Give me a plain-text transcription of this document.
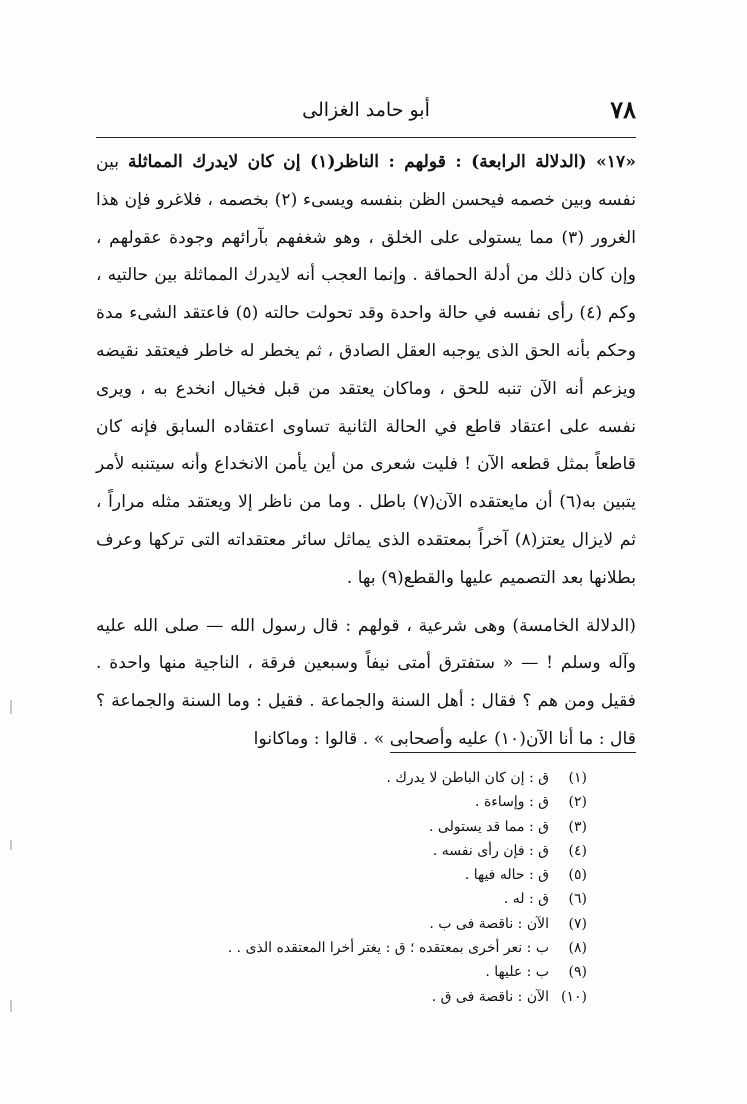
٧٨
أبو حامد الغزالى

«١٧» (الدلالة الرابعة) : قولهم : الناظر(١) إن كان لايدرك المماثلة بين نفسه وبين خصمه فيحسن الظن بنفسه ويسىء (٢) بخصمه ، فلاغرو فإن هذا الغرور (٣) مما يستولى على الخلق ، وهو شغفهم بآرائهم وجودة عقولهم ، وإن كان ذلك من أدلة الحماقة . وإنما العجب أنه لايدرك المماثلة بين حالتيه ، وكم (٤) رأى نفسه في حالة واحدة وقد تحولت حالته (٥) فاعتقد الشىء مدة وحكم بأنه الحق الذى يوجبه العقل الصادق ، ثم يخطر له خاطر فيعتقد نقيضه ويزعم أنه الآن تنبه للحق ، وماكان يعتقد من قبل فخيال انخدع به ، ويرى نفسه على اعتقاد قاطع في الحالة الثانية تساوى اعتقاده السابق فإنه كان قاطعاً بمثل قطعه الآن ! فليت شعرى من أين يأمن الانخداع وأنه سيتنبه لأمر يتبين به(٦) أن مايعتقده الآن(٧) باطل . وما من ناظر إلا ويعتقد مثله مراراً ، ثم لايزال يعتز(٨) آخراً بمعتقده الذى يماثل سائر معتقداته التى تركها وعرف بطلانها بعد التصميم عليها والقطع(٩) بها .

(الدلالة الخامسة) وهى شرعية ، قولهم : قال رسول الله — صلى الله عليه وآله وسلم ! — « ستفترق أمتى نيفاً وسبعين فرقة ، الناجية منها واحدة . فقيل ومن هم ؟ فقال : أهل السنة والجماعة . فقيل : وما السنة والجماعة ؟ قال : ما أنا الآن(١٠) عليه وأصحابى » . قالوا : وماكانوا

(١)ق : إن كان الباطن لا يدرك .
(٢)ق : وإساءة .
(٣)ق : مما قد يستولى .
(٤)ق : فإن رأى نفسه .
(٥)ق : حاله فيها .
(٦)ق : له .
(٧)الآن : ناقصة فى ب .
(٨)ب : نعر أخرى بمعتقده ؛ ق : يغتر أخرا المعتقده الذى . .
(٩)ب : عليها .
(١٠)الآن : ناقصة فى ق .
